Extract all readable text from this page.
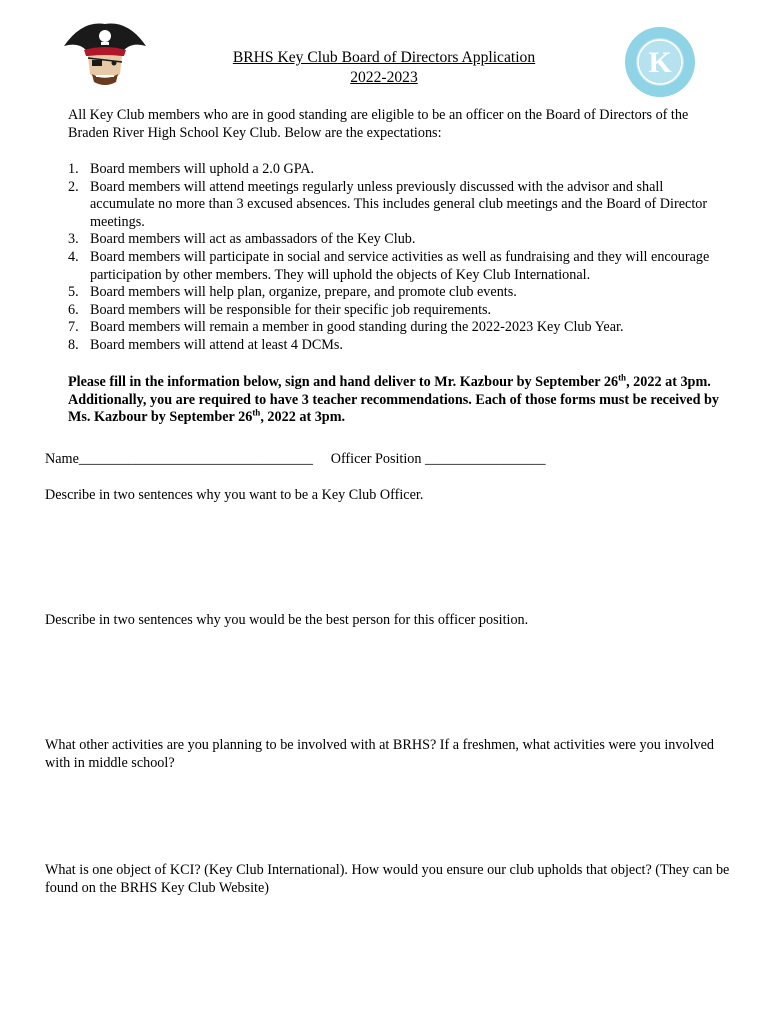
K
BRHS Key Club Board of Directors Application
2022-2023
All Key Club members who are in good standing are eligible to be an officer on the Board of Directors of the Braden River High School Key Club. Below are the expectations:
1. Board members will uphold a 2.0 GPA.
2. Board members will attend meetings regularly unless previously discussed with the advisor and shall accumulate no more than 3 excused absences. This includes general club meetings and the Board of Director meetings.
3. Board members will act as ambassadors of the Key Club.
4. Board members will participate in social and service activities as well as fundraising and they will encourage participation by other members. They will uphold the objects of Key Club International.
5. Board members will help plan, organize, prepare, and promote club events.
6. Board members will be responsible for their specific job requirements.
7. Board members will remain a member in good standing during the 2022-2023 Key Club Year.
8. Board members will attend at least 4 DCMs.
Please fill in the information below, sign and hand deliver to Mr. Kazbour by September 26th, 2022 at 3pm. Additionally, you are required to have 3 teacher recommendations. Each of those forms must be received by Ms. Kazbour by September 26th, 2022 at 3pm.
Name_________________________________ Officer Position _________________
Describe in two sentences why you want to be a Key Club Officer.
Describe in two sentences why you would be the best person for this officer position.
What other activities are you planning to be involved with at BRHS? If a freshmen, what activities were you involved with in middle school?
What is one object of KCI? (Key Club International). How would you ensure our club upholds that object? (They can be found on the BRHS Key Club Website)
